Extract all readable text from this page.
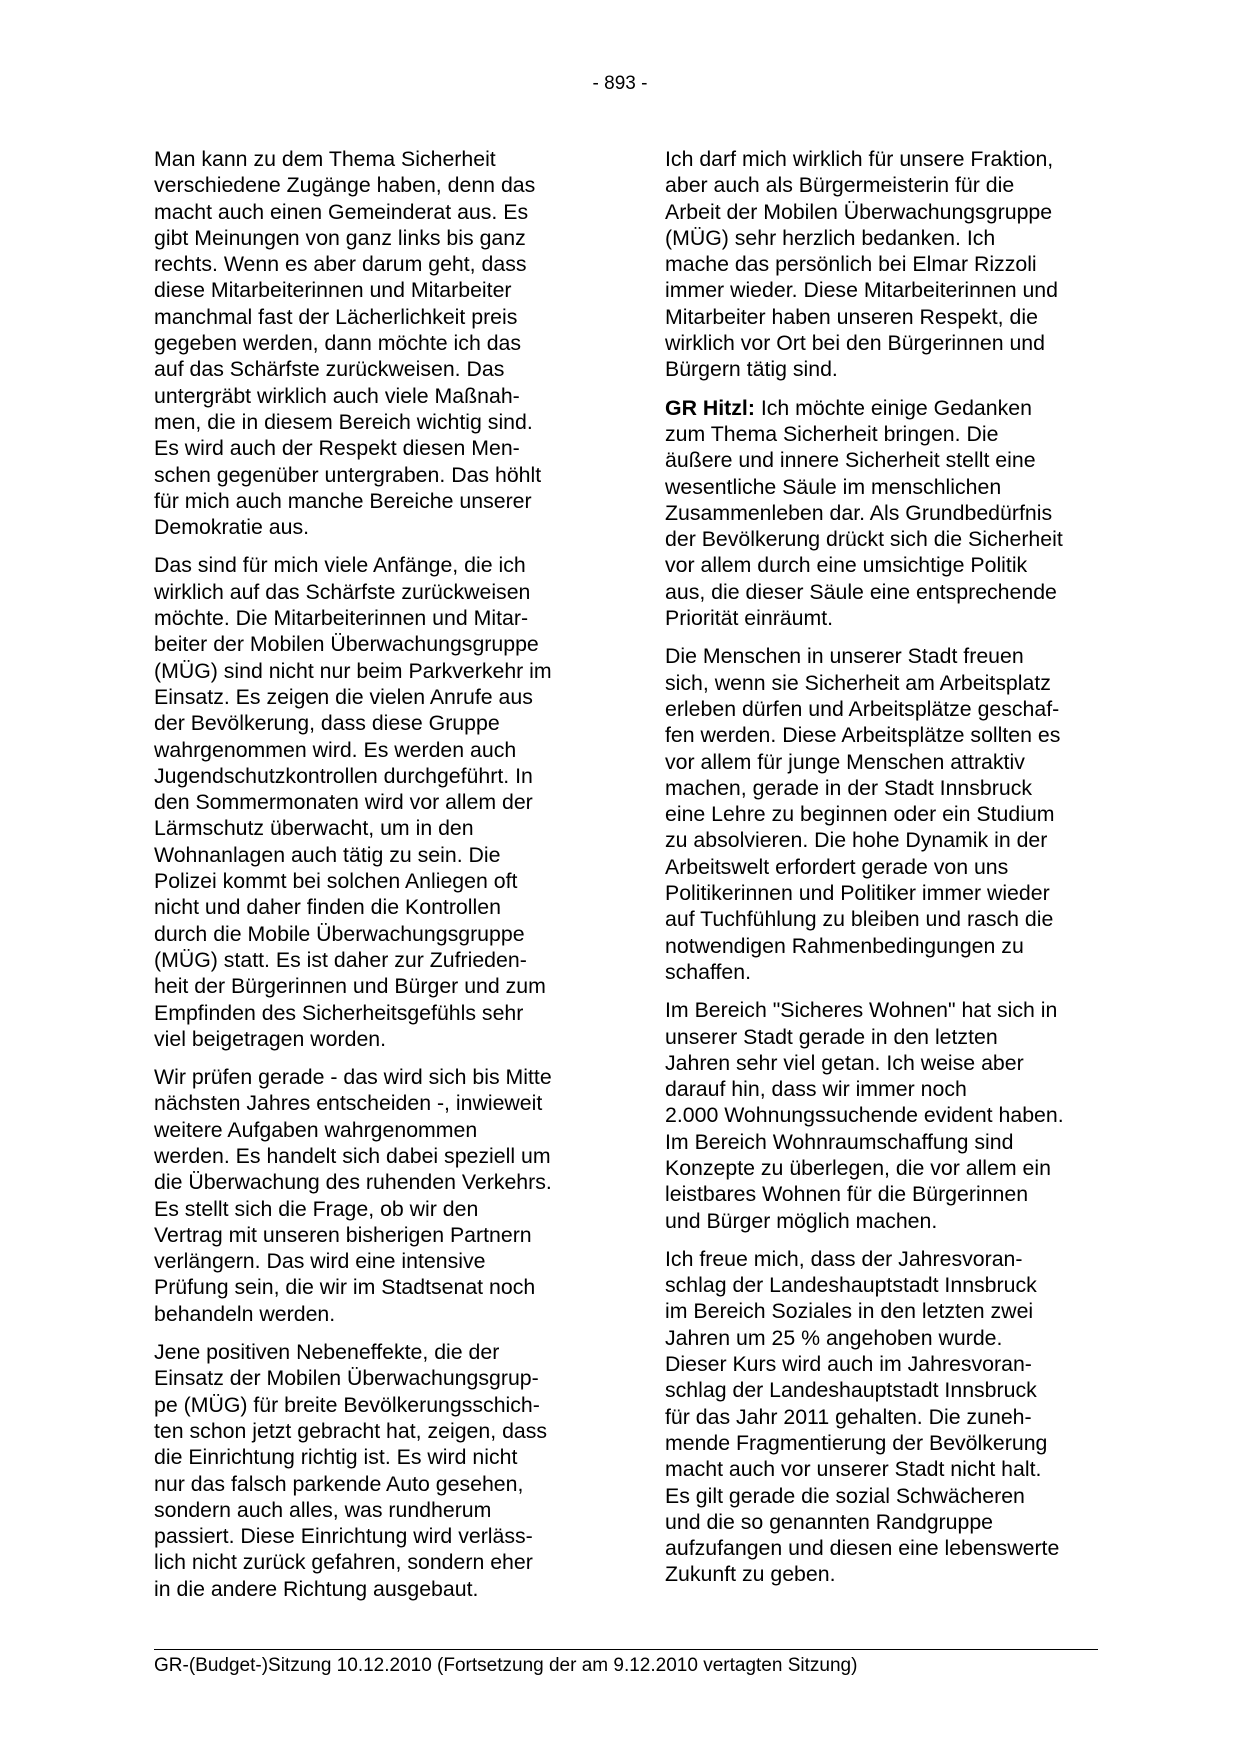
- 893 -

Man kann zu dem Thema Sicherheit
verschiedene Zugänge haben, denn das
macht auch einen Gemeinderat aus. Es
gibt Meinungen von ganz links bis ganz
rechts. Wenn es aber darum geht, dass
diese Mitarbeiterinnen und Mitarbeiter
manchmal fast der Lächerlichkeit preis
gegeben werden, dann möchte ich das
auf das Schärfste zurückweisen. Das
untergräbt wirklich auch viele Maßnah-
men, die in diesem Bereich wichtig sind.
Es wird auch der Respekt diesen Men-
schen gegenüber untergraben. Das höhlt
für mich auch manche Bereiche unserer
Demokratie aus.

Das sind für mich viele Anfänge, die ich
wirklich auf das Schärfste zurückweisen
möchte. Die Mitarbeiterinnen und Mitar-
beiter der Mobilen Überwachungsgruppe
(MÜG) sind nicht nur beim Parkverkehr im
Einsatz. Es zeigen die vielen Anrufe aus
der Bevölkerung, dass diese Gruppe
wahrgenommen wird. Es werden auch
Jugendschutzkontrollen durchgeführt. In
den Sommermonaten wird vor allem der
Lärmschutz überwacht, um in den
Wohnanlagen auch tätig zu sein. Die
Polizei kommt bei solchen Anliegen oft
nicht und daher finden die Kontrollen
durch die Mobile Überwachungsgruppe
(MÜG) statt. Es ist daher zur Zufrieden-
heit der Bürgerinnen und Bürger und zum
Empfinden des Sicherheitsgefühls sehr
viel beigetragen worden.

Wir prüfen gerade - das wird sich bis Mitte
nächsten Jahres entscheiden -, inwieweit
weitere Aufgaben wahrgenommen
werden. Es handelt sich dabei speziell um
die Überwachung des ruhenden Verkehrs.
Es stellt sich die Frage, ob wir den
Vertrag mit unseren bisherigen Partnern
verlängern. Das wird eine intensive
Prüfung sein, die wir im Stadtsenat noch
behandeln werden.

Jene positiven Nebeneffekte, die der
Einsatz der Mobilen Überwachungsgrup-
pe (MÜG) für breite Bevölkerungsschich-
ten schon jetzt gebracht hat, zeigen, dass
die Einrichtung richtig ist. Es wird nicht
nur das falsch parkende Auto gesehen,
sondern auch alles, was rundherum
passiert. Diese Einrichtung wird verläss-
lich nicht zurück gefahren, sondern eher
in die andere Richtung ausgebaut.

Ich darf mich wirklich für unsere Fraktion,
aber auch als Bürgermeisterin für die
Arbeit der Mobilen Überwachungsgruppe
(MÜG) sehr herzlich bedanken. Ich
mache das persönlich bei Elmar Rizzoli
immer wieder. Diese Mitarbeiterinnen und
Mitarbeiter haben unseren Respekt, die
wirklich vor Ort bei den Bürgerinnen und
Bürgern tätig sind.

GR Hitzl: Ich möchte einige Gedanken
zum Thema Sicherheit bringen. Die
äußere und innere Sicherheit stellt eine
wesentliche Säule im menschlichen
Zusammenleben dar. Als Grundbedürfnis
der Bevölkerung drückt sich die Sicherheit
vor allem durch eine umsichtige Politik
aus, die dieser Säule eine entsprechende
Priorität einräumt.

Die Menschen in unserer Stadt freuen
sich, wenn sie Sicherheit am Arbeitsplatz
erleben dürfen und Arbeitsplätze geschaf-
fen werden. Diese Arbeitsplätze sollten es
vor allem für junge Menschen attraktiv
machen, gerade in der Stadt Innsbruck
eine Lehre zu beginnen oder ein Studium
zu absolvieren. Die hohe Dynamik in der
Arbeitswelt erfordert gerade von uns
Politikerinnen und Politiker immer wieder
auf Tuchfühlung zu bleiben und rasch die
notwendigen Rahmenbedingungen zu
schaffen.

Im Bereich "Sicheres Wohnen" hat sich in
unserer Stadt gerade in den letzten
Jahren sehr viel getan. Ich weise aber
darauf hin, dass wir immer noch
2.000 Wohnungssuchende evident haben.
Im Bereich Wohnraumschaffung sind
Konzepte zu überlegen, die vor allem ein
leistbares Wohnen für die Bürgerinnen
und Bürger möglich machen.

Ich freue mich, dass der Jahresvoran-
schlag der Landeshauptstadt Innsbruck
im Bereich Soziales in den letzten zwei
Jahren um 25 % angehoben wurde.
Dieser Kurs wird auch im Jahresvoran-
schlag der Landeshauptstadt Innsbruck
für das Jahr 2011 gehalten. Die zuneh-
mende Fragmentierung der Bevölkerung
macht auch vor unserer Stadt nicht halt.
Es gilt gerade die sozial Schwächeren
und die so genannten Randgruppe
aufzufangen und diesen eine lebenswerte
Zukunft zu geben.

GR-(Budget-)Sitzung 10.12.2010 (Fortsetzung der am 9.12.2010 vertagten Sitzung)
